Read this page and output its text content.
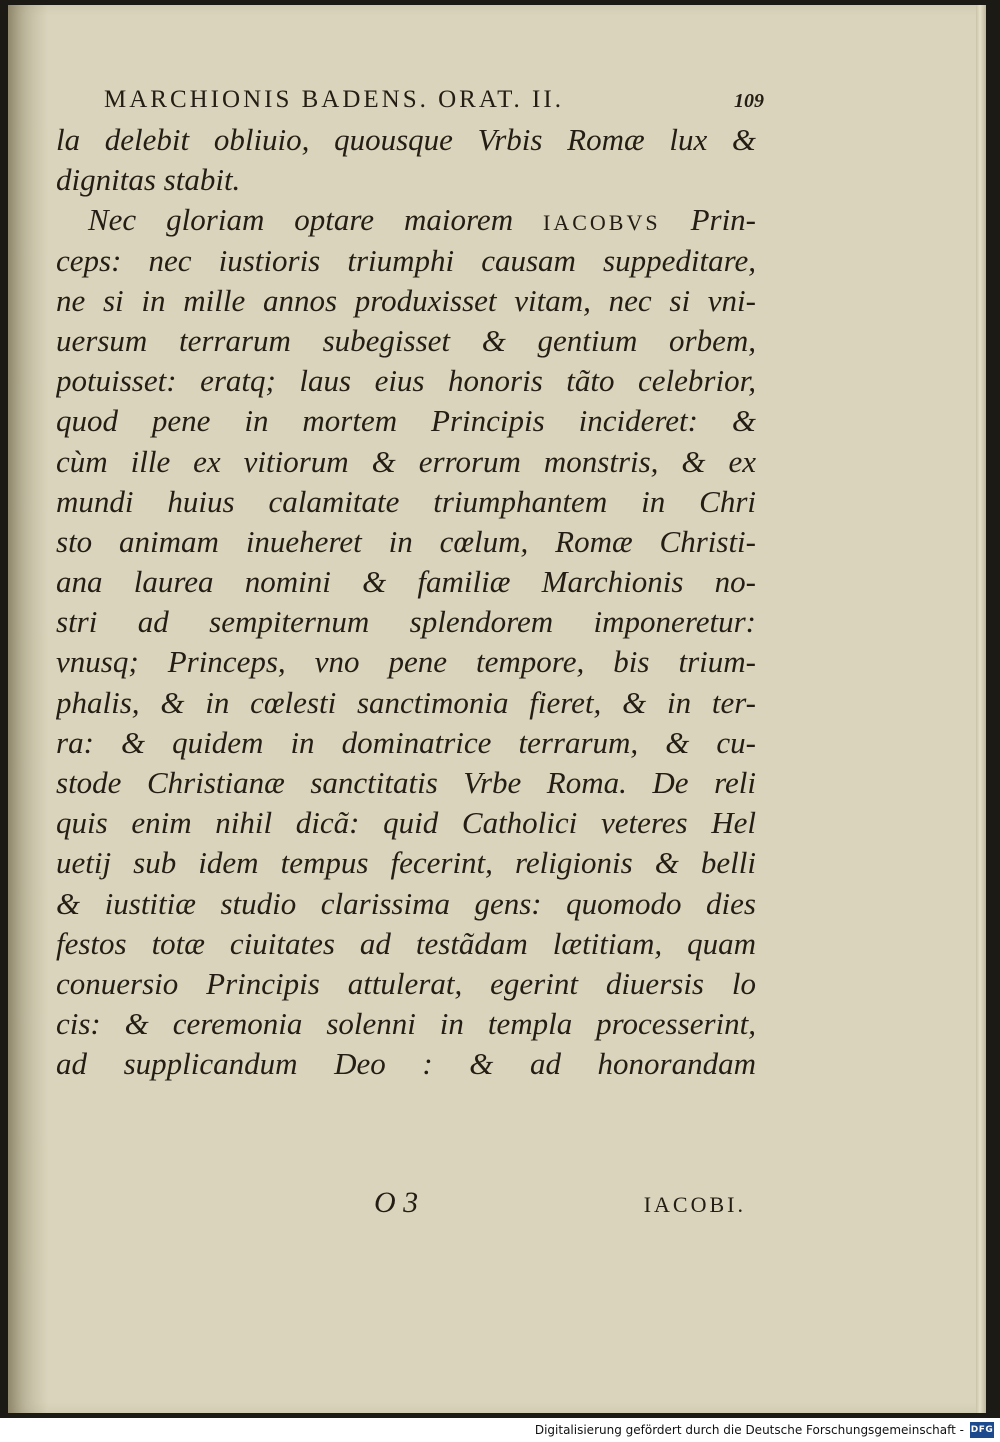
MARCHIONIS BADENS. ORAT. II.	109
la delebit obliuio, quousque Vrbis Romæ lux &
dignitas stabit.
Nec gloriam optare maiorem IACOBVS Prin-
ceps: nec iustioris triumphi causam suppeditare,
ne si in mille annos produxisset vitam, nec si vni-
uersum terrarum subegisset & gentium orbem,
potuisset: eratq; laus eius honoris tãto celebrior,
quod pene in mortem Principis incideret: &
cùm ille ex vitiorum & errorum monstris, & ex
mundi huius calamitate triumphantem in Chri
sto animam inueheret in cœlum, Romæ Christi-
ana laurea nomini & familiæ Marchionis no-
stri ad sempiternum splendorem imponeretur:
vnusq; Princeps, vno pene tempore, bis trium-
phalis, & in cœlesti sanctimonia fieret, & in ter-
ra: & quidem in dominatrice terrarum, & cu-
stode Christianæ sanctitatis Vrbe Roma. De reli
quis enim nihil dicã: quid Catholici veteres Hel
uetij sub idem tempus fecerint, religionis & belli
& iustitiæ studio clarissima gens: quomodo dies
festos totæ ciuitates ad testãdam lætitiam, quam
conuersio Principis attulerat, egerint diuersis lo
cis: & ceremonia solenni in templa processerint,
ad supplicandum Deo : & ad honorandam
O 3	IACOBI.
Digitalisierung gefördert durch die Deutsche Forschungsgemeinschaft - DFG
